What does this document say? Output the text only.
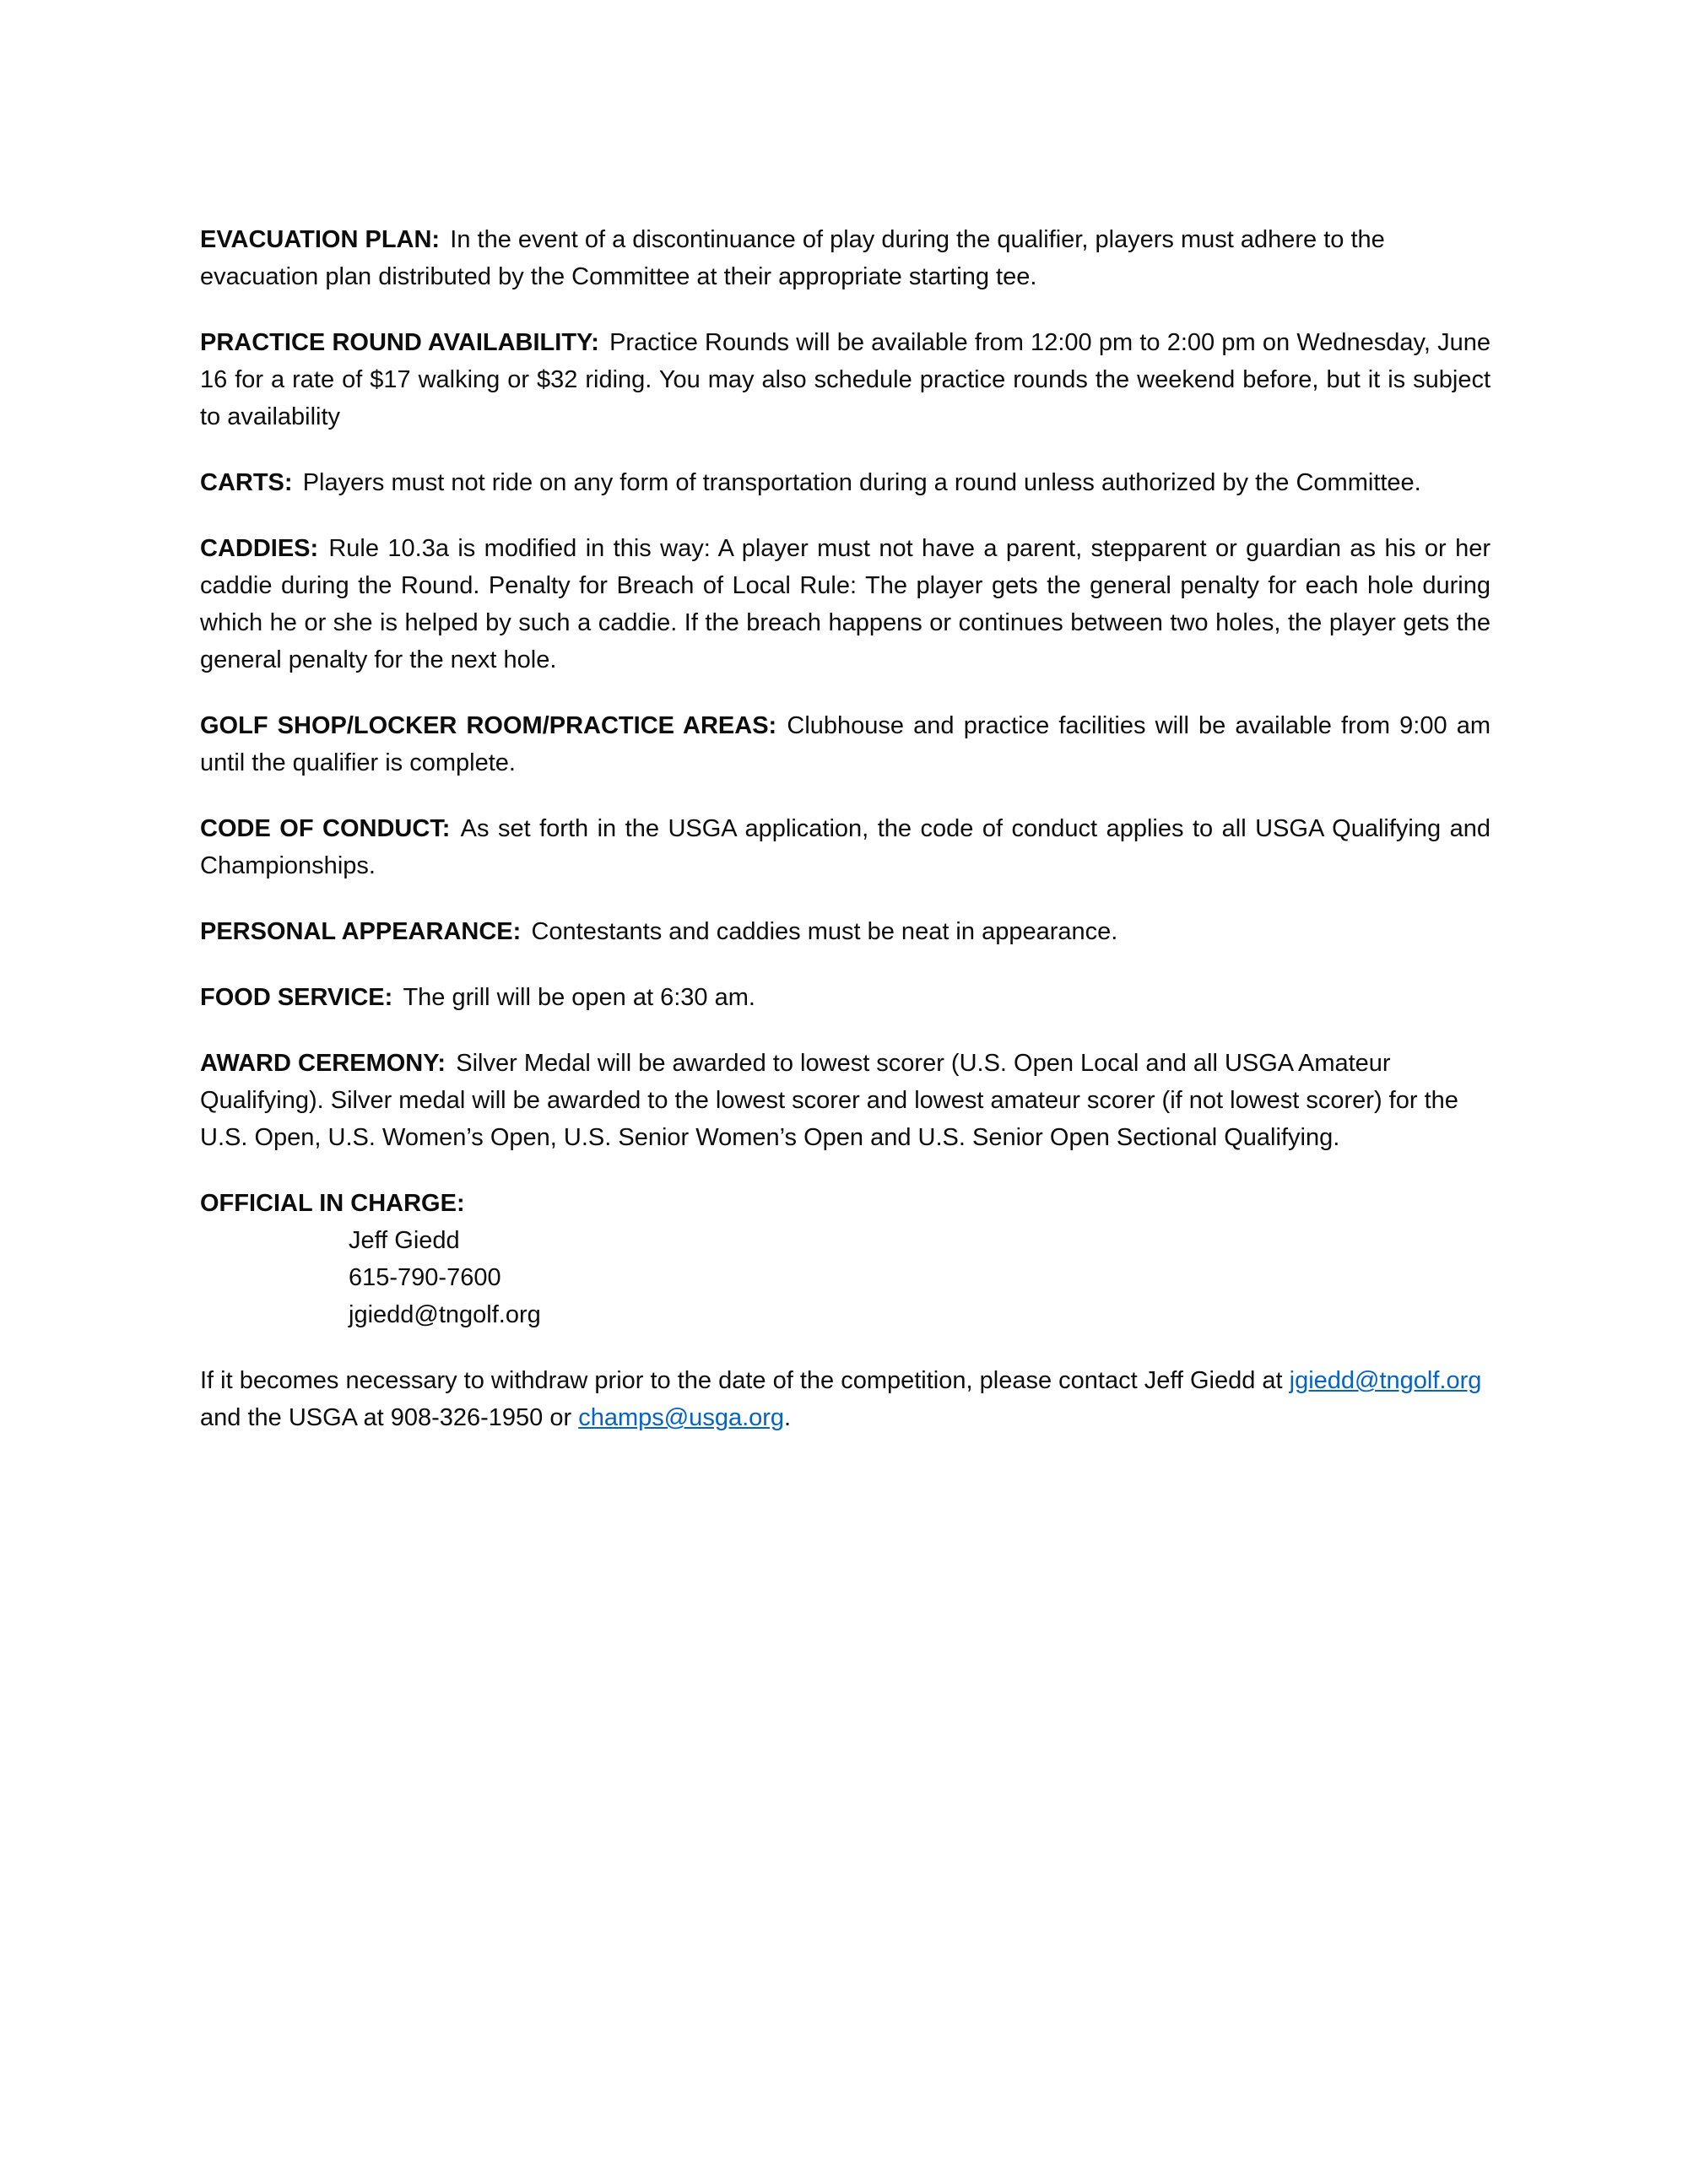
EVACUATION PLAN: In the event of a discontinuance of play during the qualifier, players must adhere to the evacuation plan distributed by the Committee at their appropriate starting tee.

PRACTICE ROUND AVAILABILITY: Practice Rounds will be available from 12:00 pm to 2:00 pm on Wednesday, June 16 for a rate of $17 walking or $32 riding. You may also schedule practice rounds the weekend before, but it is subject to availability

CARTS: Players must not ride on any form of transportation during a round unless authorized by the Committee.

CADDIES: Rule 10.3a is modified in this way: A player must not have a parent, stepparent or guardian as his or her caddie during the Round. Penalty for Breach of Local Rule: The player gets the general penalty for each hole during which he or she is helped by such a caddie. If the breach happens or continues between two holes, the player gets the general penalty for the next hole.

GOLF SHOP/LOCKER ROOM/PRACTICE AREAS: Clubhouse and practice facilities will be available from 9:00 am until the qualifier is complete.

CODE OF CONDUCT: As set forth in the USGA application, the code of conduct applies to all USGA Qualifying and Championships.

PERSONAL APPEARANCE: Contestants and caddies must be neat in appearance.

FOOD SERVICE: The grill will be open at 6:30 am.

AWARD CEREMONY: Silver Medal will be awarded to lowest scorer (U.S. Open Local and all USGA Amateur Qualifying). Silver medal will be awarded to the lowest scorer and lowest amateur scorer (if not lowest scorer) for the U.S. Open, U.S. Women’s Open, U.S. Senior Women’s Open and U.S. Senior Open Sectional Qualifying.

OFFICIAL IN CHARGE:

Jeff Giedd
615-790-7600
jgiedd@tngolf.org

If it becomes necessary to withdraw prior to the date of the competition, please contact Jeff Giedd at jgiedd@tngolf.org and the USGA at 908-326-1950 or champs@usga.org.
